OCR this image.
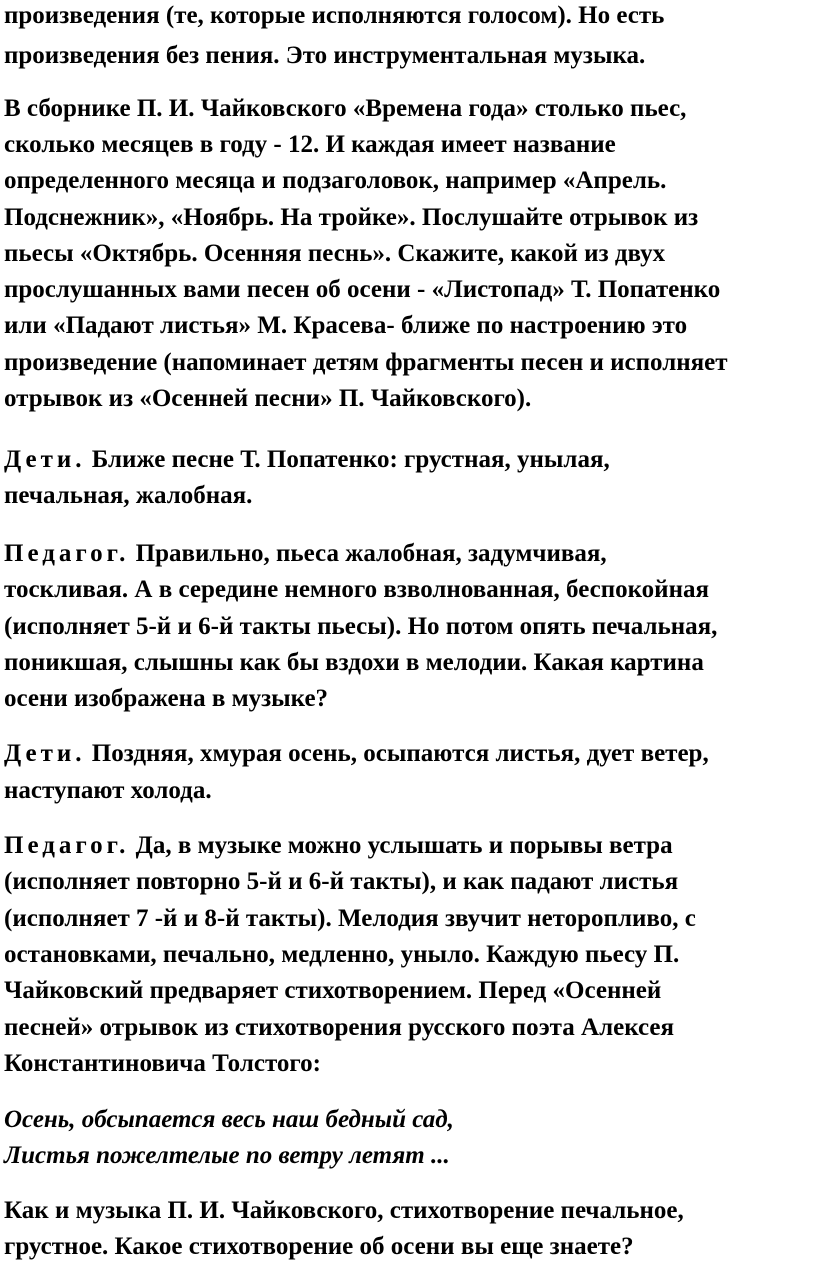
произведения (те, которые исполняются голосом). Но есть
произведения без пения. Это инструментальная музыка.
В сборнике П. И. Чайковского «Времена года» столько пьес,
сколько месяцев в году - 12. И каждая имеет название
определенного месяца и подзаголовок, например «Апрель.
Подснежник», «Ноябрь. На тройке». Послушайте отрывок из
пьесы «Октябрь. Осенняя песнь». Скажите, какой из двух
прослушанных вами песен об осени - «Листопад» Т. Попатенко
или «Падают листья» М. Красева- ближе по настроению это
произведение (напоминает детям фрагменты песен и исполняет
отрывок из «Осенней песни» П. Чайковского).
Дети. Ближе песне Т. Попатенко: грустная, унылая,
печальная, жалобная.
Педагог. Правильно, пьеса жалобная, задумчивая,
тоскливая. А в середине немного взволнованная, беспокойная
(исполняет 5-й и 6-й такты пьесы). Но потом опять печальная,
поникшая, слышны как бы вздохи в мелодии. Какая картина
осени изображена в музыке?
Дети. Поздняя, хмурая осень, осыпаются листья, дует ветер,
наступают холода.
Педагог. Да, в музыке можно услышать и порывы ветра
(исполняет повторно 5-й и 6-й такты), и как падают листья
(исполняет 7 -й и 8-й такты). Мелодия звучит неторопливо, с
остановками, печально, медленно, уныло. Каждую пьесу П.
Чайковский предваряет стихотворением. Перед «Осенней
песней» отрывок из стихотворения русского поэта Алексея
Константиновича Толстого:
Осень, обсыпается весь наш бедный сад,
Листья пожелтелые по ветру летят ...
Как и музыка П. И. Чайковского, стихотворение печальное,
грустное. Какое стихотворение об осени вы еще знаете?
